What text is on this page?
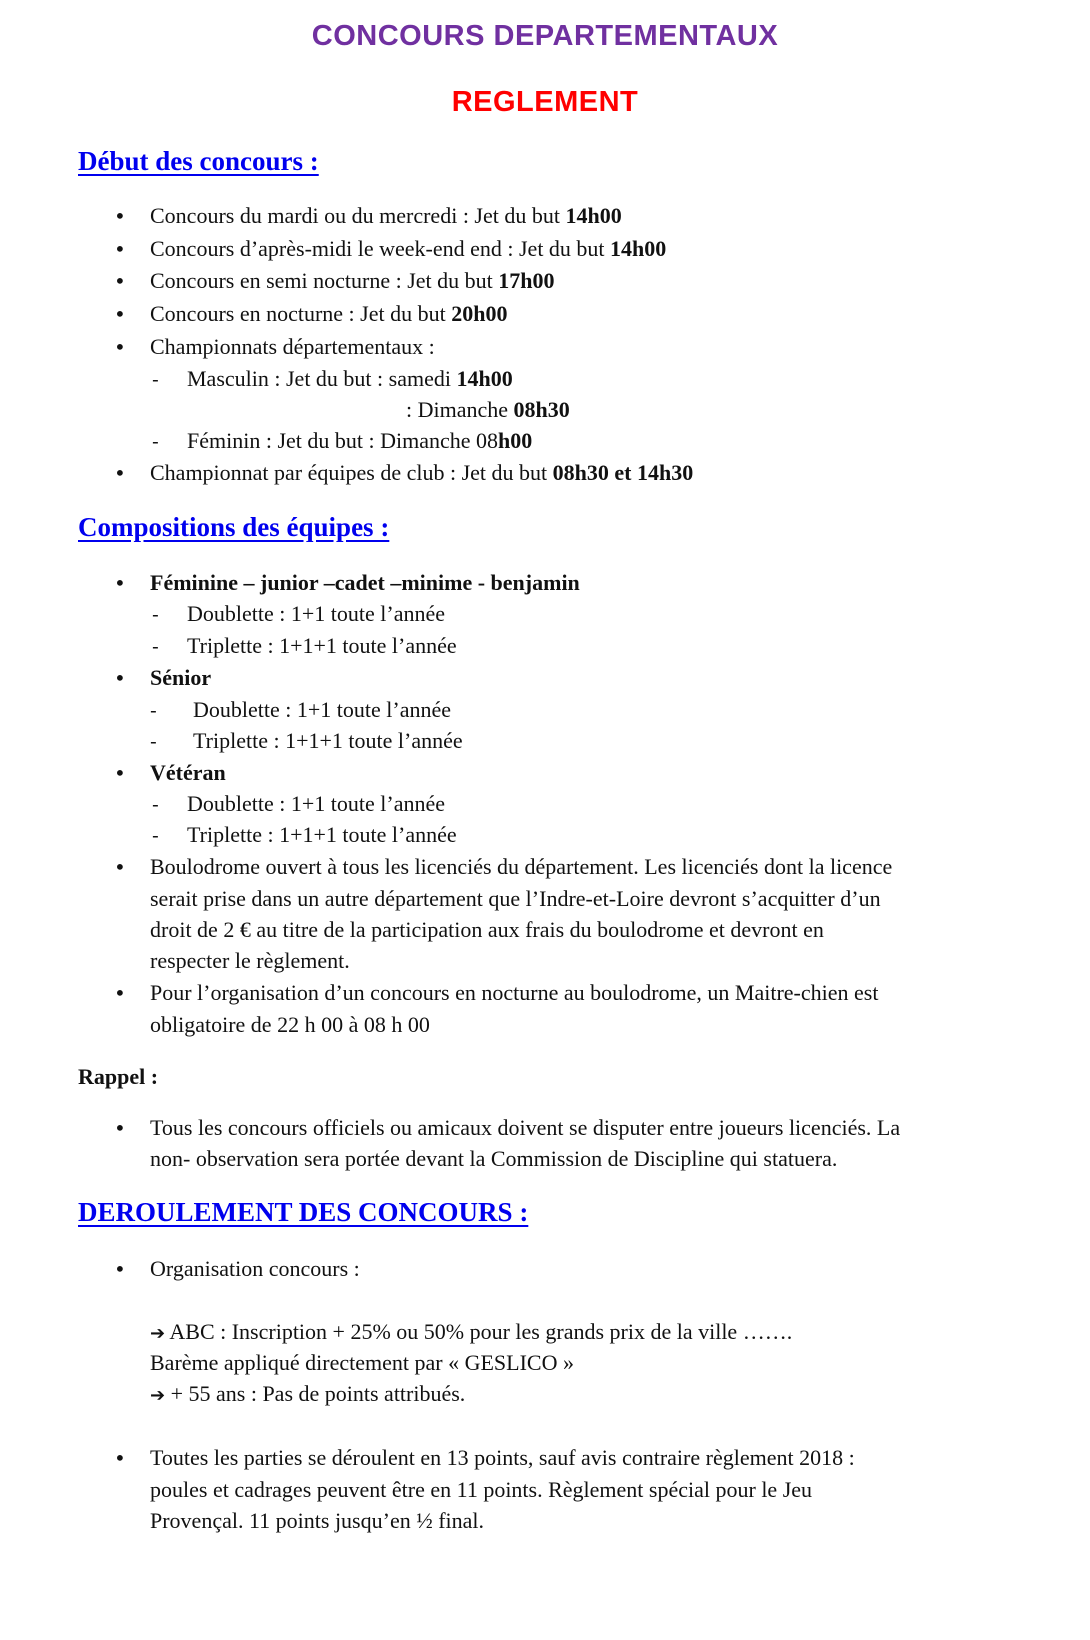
CONCOURS DEPARTEMENTAUX
REGLEMENT
Début des concours :
• Concours du mardi ou du mercredi : Jet du but 14h00
• Concours d’après-midi le week-end end : Jet du but 14h00
• Concours en semi nocturne : Jet du but 17h00
• Concours en nocturne : Jet du but 20h00
• Championnats départementaux :
- Masculin : Jet du but : samedi 14h00
: Dimanche 08h30
- Féminin : Jet du but : Dimanche 08h00
• Championnat par équipes de club : Jet du but 08h30 et 14h30
Compositions des équipes :
• Féminine – junior –cadet –minime - benjamin
- Doublette : 1+1 toute l’année
- Triplette : 1+1+1 toute l’année
• Sénior
- Doublette : 1+1 toute l’année
- Triplette : 1+1+1 toute l’année
• Vétéran
- Doublette : 1+1 toute l’année
- Triplette : 1+1+1 toute l’année
• Boulodrome ouvert à tous les licenciés du département. Les licenciés dont la licence
serait prise dans un autre département que l’Indre-et-Loire devront s’acquitter d’un
droit de 2 € au titre de la participation aux frais du boulodrome et devront en
respecter le règlement.
• Pour l’organisation d’un concours en nocturne au boulodrome, un Maitre-chien est
obligatoire de 22 h 00 à 08 h 00
Rappel :
• Tous les concours officiels ou amicaux doivent se disputer entre joueurs licenciés. La
non- observation sera portée devant la Commission de Discipline qui statuera.
DEROULEMENT DES CONCOURS :
• Organisation concours :
➔ ABC : Inscription + 25% ou 50% pour les grands prix de la ville …….
Barème appliqué directement par « GESLICO »
➔ + 55 ans : Pas de points attribués.
• Toutes les parties se déroulent en 13 points, sauf avis contraire règlement 2018 :
poules et cadrages peuvent être en 11 points. Règlement spécial pour le Jeu
Provençal. 11 points jusqu’en ½ final.
